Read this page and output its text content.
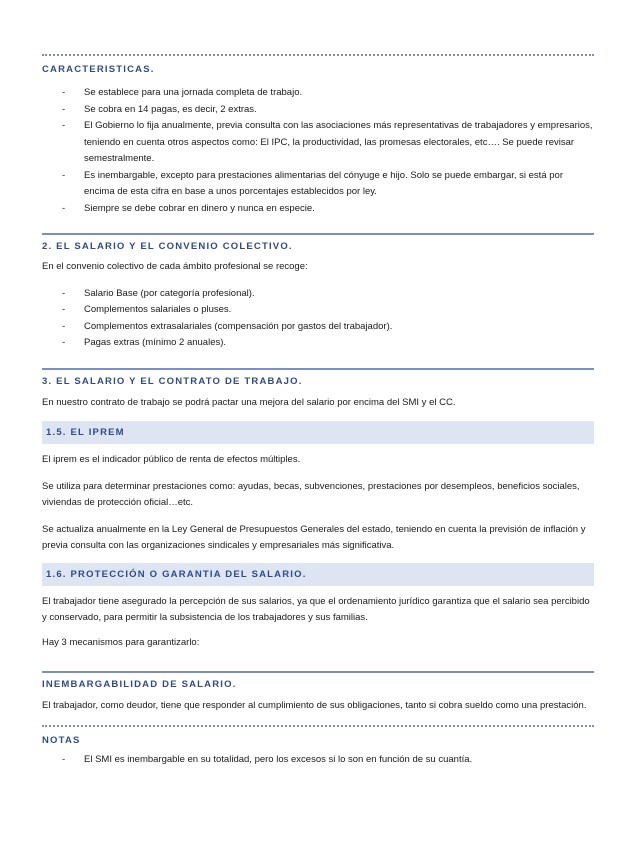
CARACTERISTICAS.
- Se establece para una jornada completa de trabajo.
- Se cobra en 14 pagas, es decir, 2 extras.
- El Gobierno lo fija anualmente, previa consulta con las asociaciones más representativas de trabajadores y empresarios, teniendo en cuenta otros aspectos como: El IPC, la productividad, las promesas electorales, etc…. Se puede revisar semestralmente.
- Es inembargable, excepto para prestaciones alimentarias del cónyuge e hijo. Solo se puede embargar, si está por encima de esta cifra en base a unos porcentajes establecidos por ley.
- Siempre se debe cobrar en dinero y nunca en especie.
2. EL SALARIO Y EL CONVENIO COLECTIVO.

En el convenio colectivo de cada ámbito profesional se recoge:

- Salario Base (por categoría profesional).
- Complementos salariales o pluses.
- Complementos extrasalariales (compensación por gastos del trabajador).
- Pagas extras (mínimo 2 anuales).
3. EL SALARIO Y EL CONTRATO DE TRABAJO.

En nuestro contrato de trabajo se podrá pactar una mejora del salario por encima del SMI y el CC.

1.5. EL IPREM

El iprem es el indicador público de renta de efectos múltiples.

Se utiliza para determinar prestaciones como: ayudas, becas, subvenciones, prestaciones por desempleos, beneficios sociales, viviendas de protección oficial…etc.

Se actualiza anualmente en la Ley General de Presupuestos Generales del estado, teniendo en cuenta la previsión de inflación y previa consulta con las organizaciones sindicales y empresariales más significativa.

1.6. PROTECCIÓN O GARANTIA DEL SALARIO.

El trabajador tiene asegurado la percepción de sus salarios, ya que el ordenamiento jurídico garantiza que el salario sea percibido y conservado, para permitir la subsistencia de los trabajadores y sus familias.

Hay 3 mecanismos para garantizarlo:

INEMBARGABILIDAD DE SALARIO.

El trabajador, como deudor, tiene que responder al cumplimiento de sus obligaciones, tanto si cobra sueldo como una prestación.

NOTAS
- El SMI es inembargable en su totalidad, pero los excesos si lo son en función de su cuantía.
